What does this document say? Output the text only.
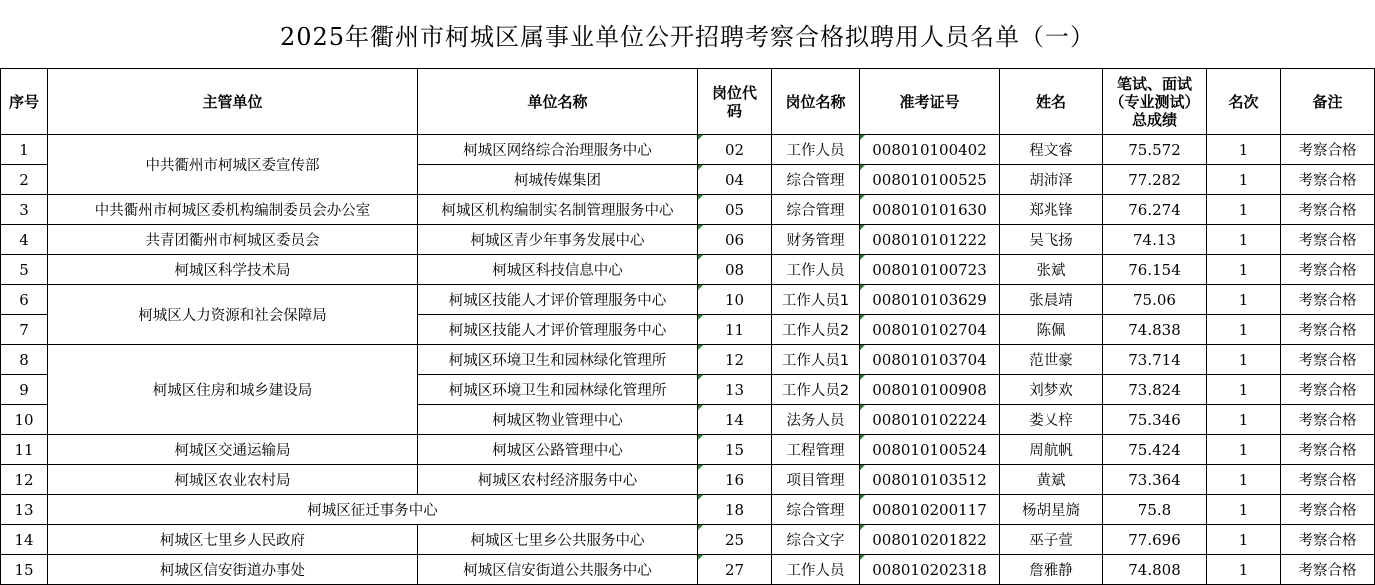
2025年衢州市柯城区属事业单位公开招聘考察合格拟聘用人员名单（一）
序号	主管单位	单位名称	岗位代码	岗位名称	准考证号	姓名	笔试、面试（专业测试）总成绩	名次	备注
1	中共衢州市柯城区委宣传部	柯城区网络综合治理服务中心	02	工作人员	008010100402	程文睿	75.572	1	考察合格
2		柯城传媒集团	04	综合管理	008010100525	胡沛泽	77.282	1	考察合格
3	中共衢州市柯城区委机构编制委员会办公室	柯城区机构编制实名制管理服务中心	05	综合管理	008010101630	郑兆锋	76.274	1	考察合格
4	共青团衢州市柯城区委员会	柯城区青少年事务发展中心	06	财务管理	008010101222	吴飞扬	74.13	1	考察合格
5	柯城区科学技术局	柯城区科技信息中心	08	工作人员	008010100723	张斌	76.154	1	考察合格
6	柯城区人力资源和社会保障局	柯城区技能人才评价管理服务中心	10	工作人员1	008010103629	张晨靖	75.06	1	考察合格
7		柯城区技能人才评价管理服务中心	11	工作人员2	008010102704	陈佩	74.838	1	考察合格
8	柯城区住房和城乡建设局	柯城区环境卫生和园林绿化管理所	12	工作人员1	008010103704	范世豪	73.714	1	考察合格
9		柯城区环境卫生和园林绿化管理所	13	工作人员2	008010100908	刘梦欢	73.824	1	考察合格
10		柯城区物业管理中心	14	法务人员	008010102224	娄乂梓	75.346	1	考察合格
11	柯城区交通运输局	柯城区公路管理中心	15	工程管理	008010100524	周航帆	75.424	1	考察合格
12	柯城区农业农村局	柯城区农村经济服务中心	16	项目管理	008010103512	黄斌	73.364	1	考察合格
13	柯城区征迁事务中心		18	综合管理	008010200117	杨胡星旖	75.8	1	考察合格
14	柯城区七里乡人民政府	柯城区七里乡公共服务中心	25	综合文字	008010201822	巫子萱	77.696	1	考察合格
15	柯城区信安街道办事处	柯城区信安街道公共服务中心	27	工作人员	008010202318	詹雅静	74.808	1	考察合格
